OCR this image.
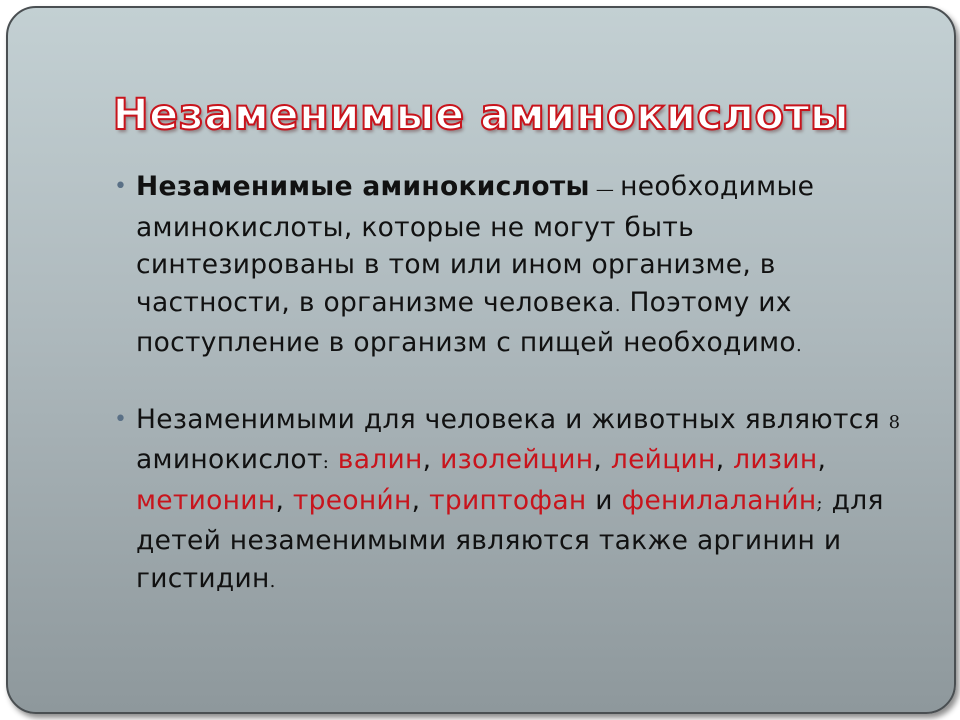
Незаменимые аминокислоты
• Незаменимые аминокислоты — необходимые аминокислоты, которые не могут быть синтезированы в том или ином организме, в частности, в организме человека. Поэтому их поступление в организм с пищей необходимо.
• Незаменимыми для человека и животных являются 8 аминокислот: валин, изолейцин, лейцин, лизин, метионин, треони́н, триптофан и фенилалани́н; для детей незаменимыми являются также аргинин и гистидин.
